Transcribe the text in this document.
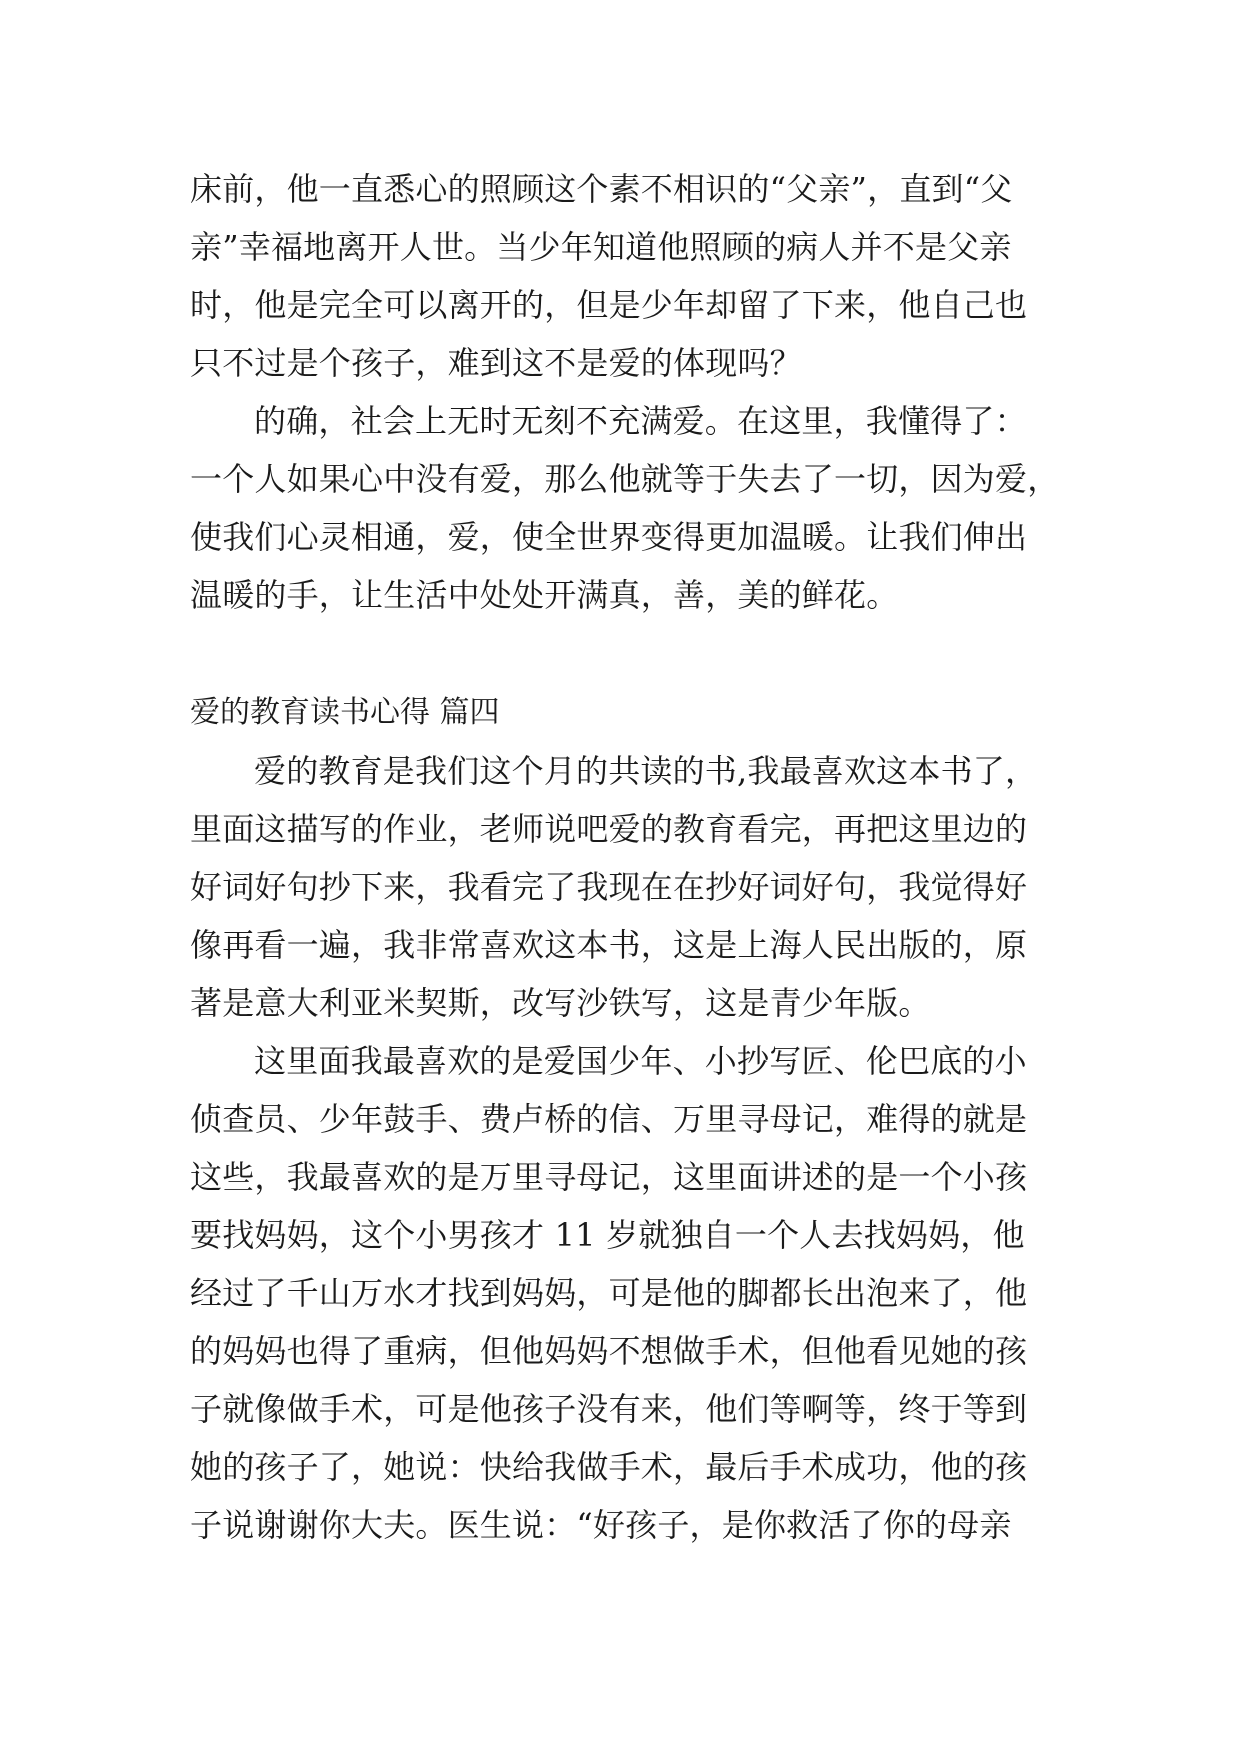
床前，他一直悉心的照顾这个素不相识的“父亲”，直到“父
亲”幸福地离开人世。当少年知道他照顾的病人并不是父亲
时，他是完全可以离开的，但是少年却留了下来，他自己也
只不过是个孩子，难到这不是爱的体现吗？
的确，社会上无时无刻不充满爱。在这里，我懂得了：
一个人如果心中没有爱，那么他就等于失去了一切，因为爱，
使我们心灵相通，爱，使全世界变得更加温暖。让我们伸出
温暖的手，让生活中处处开满真，善，美的鲜花。
爱的教育读书心得 篇四
爱的教育是我们这个月的共读的书,我最喜欢这本书了，
里面这描写的作业，老师说吧爱的教育看完，再把这里边的
好词好句抄下来，我看完了我现在在抄好词好句，我觉得好
像再看一遍，我非常喜欢这本书，这是上海人民出版的，原
著是意大利亚米契斯，改写沙铁写，这是青少年版。
这里面我最喜欢的是爱国少年、小抄写匠、伦巴底的小
侦查员、少年鼓手、费卢桥的信、万里寻母记，难得的就是
这些，我最喜欢的是万里寻母记，这里面讲述的是一个小孩
要找妈妈，这个小男孩才 11 岁就独自一个人去找妈妈，他
经过了千山万水才找到妈妈，可是他的脚都长出泡来了，他
的妈妈也得了重病，但他妈妈不想做手术，但他看见她的孩
子就像做手术，可是他孩子没有来，他们等啊等，终于等到
她的孩子了，她说：快给我做手术，最后手术成功，他的孩
子说谢谢你大夫。医生说：“好孩子，是你救活了你的母亲
